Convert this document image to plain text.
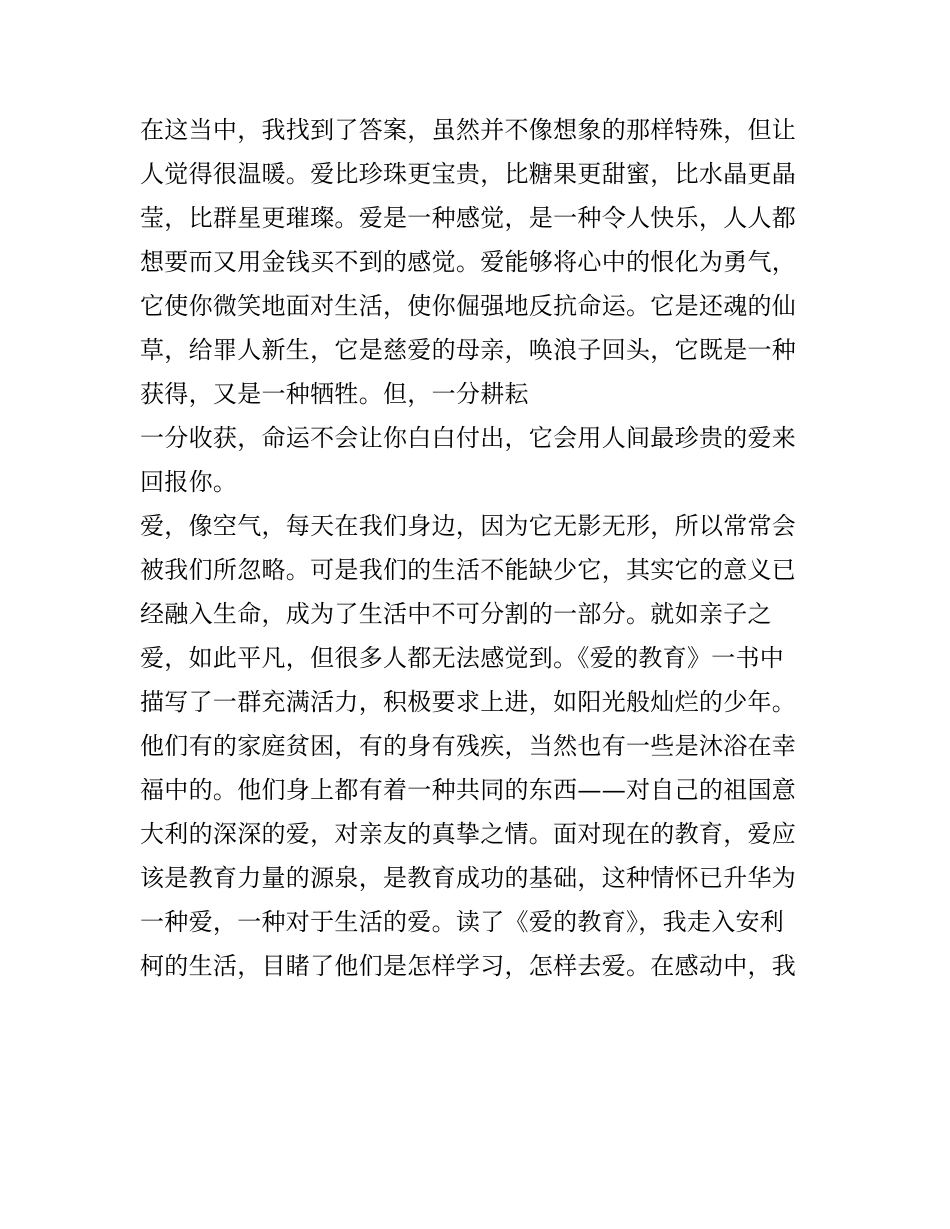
在这当中，我找到了答案，虽然并不像想象的那样特殊，但让
人觉得很温暖。爱比珍珠更宝贵，比糖果更甜蜜，比水晶更晶
莹，比群星更璀璨。爱是一种感觉，是一种令人快乐，人人都
想要而又用金钱买不到的感觉。爱能够将心中的恨化为勇气，
它使你微笑地面对生活，使你倔强地反抗命运。它是还魂的仙
草，给罪人新生，它是慈爱的母亲，唤浪子回头，它既是一种
获得，又是一种牺牲。但，一分耕耘
一分收获，命运不会让你白白付出，它会用人间最珍贵的爱来
回报你。
爱，像空气，每天在我们身边，因为它无影无形，所以常常会
被我们所忽略。可是我们的生活不能缺少它，其实它的意义已
经融入生命，成为了生活中不可分割的一部分。就如亲子之
爱，如此平凡，但很多人都无法感觉到。《爱的教育》一书中
描写了一群充满活力，积极要求上进，如阳光般灿烂的少年。
他们有的家庭贫困，有的身有残疾，当然也有一些是沐浴在幸
福中的。他们身上都有着一种共同的东西——对自己的祖国意
大利的深深的爱，对亲友的真挚之情。面对现在的教育，爱应
该是教育力量的源泉，是教育成功的基础，这种情怀已升华为
一种爱，一种对于生活的爱。读了《爱的教育》，我走入安利
柯的生活，目睹了他们是怎样学习，怎样去爱。在感动中，我
